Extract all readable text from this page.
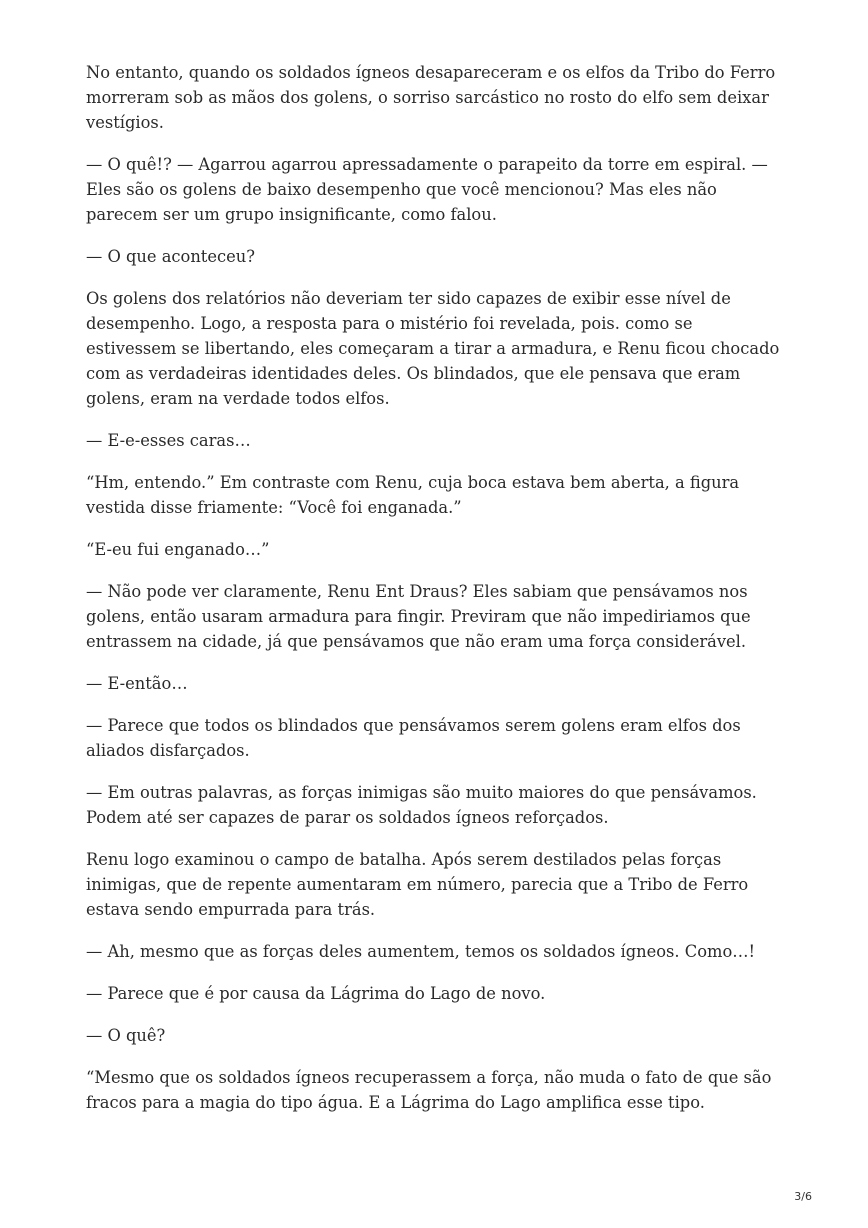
No entanto, quando os soldados ígneos desapareceram e os elfos da Tribo do Ferro morreram sob as mãos dos golens, o sorriso sarcástico no rosto do elfo sem deixar vestígios.

— O quê!? — Agarrou agarrou apressadamente o parapeito da torre em espiral. — Eles são os golens de baixo desempenho que você mencionou? Mas eles não parecem ser um grupo insignificante, como falou.

— O que aconteceu?

Os golens dos relatórios não deveriam ter sido capazes de exibir esse nível de desempenho. Logo, a resposta para o mistério foi revelada, pois. como se estivessem se libertando, eles começaram a tirar a armadura, e Renu ficou chocado com as verdadeiras identidades deles. Os blindados, que ele pensava que eram golens, eram na verdade todos elfos.

— E-e-esses caras…

“Hm, entendo.” Em contraste com Renu, cuja boca estava bem aberta, a figura vestida disse friamente: “Você foi enganada.”

“E-eu fui enganado…”

— Não pode ver claramente, Renu Ent Draus? Eles sabiam que pensávamos nos golens, então usaram armadura para fingir. Previram que não impediriamos que entrassem na cidade, já que pensávamos que não eram uma força considerável.

— E-então…

— Parece que todos os blindados que pensávamos serem golens eram elfos dos aliados disfarçados.

— Em outras palavras, as forças inimigas são muito maiores do que pensávamos. Podem até ser capazes de parar os soldados ígneos reforçados.

Renu logo examinou o campo de batalha. Após serem destilados pelas forças inimigas, que de repente aumentaram em número, parecia que a Tribo de Ferro estava sendo empurrada para trás.

— Ah, mesmo que as forças deles aumentem, temos os soldados ígneos. Como…!

— Parece que é por causa da Lágrima do Lago de novo.

— O quê?

“Mesmo que os soldados ígneos recuperassem a força, não muda o fato de que são fracos para a magia do tipo água. E a Lágrima do Lago amplifica esse tipo.

3/6
